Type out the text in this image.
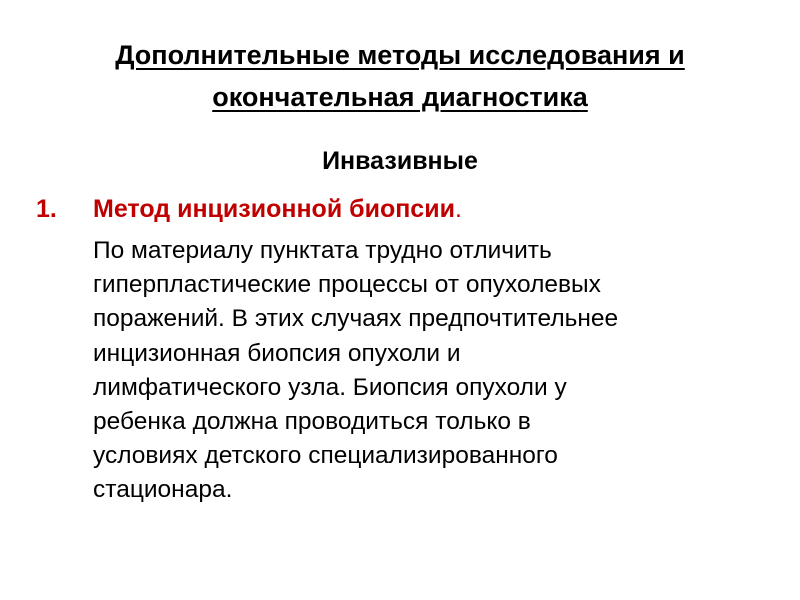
Дополнительные методы исследования и окончательная диагностика
Инвазивные
1. Метод инцизионной биопсии.
По материалу пунктата трудно отличить
гиперпластические процессы от опухолевых
поражений. В этих случаях предпочтительнее
инцизионная биопсия опухоли и
лимфатического узла. Биопсия опухоли у
ребенка должна проводиться только в
условиях детского специализированного
стационара.
